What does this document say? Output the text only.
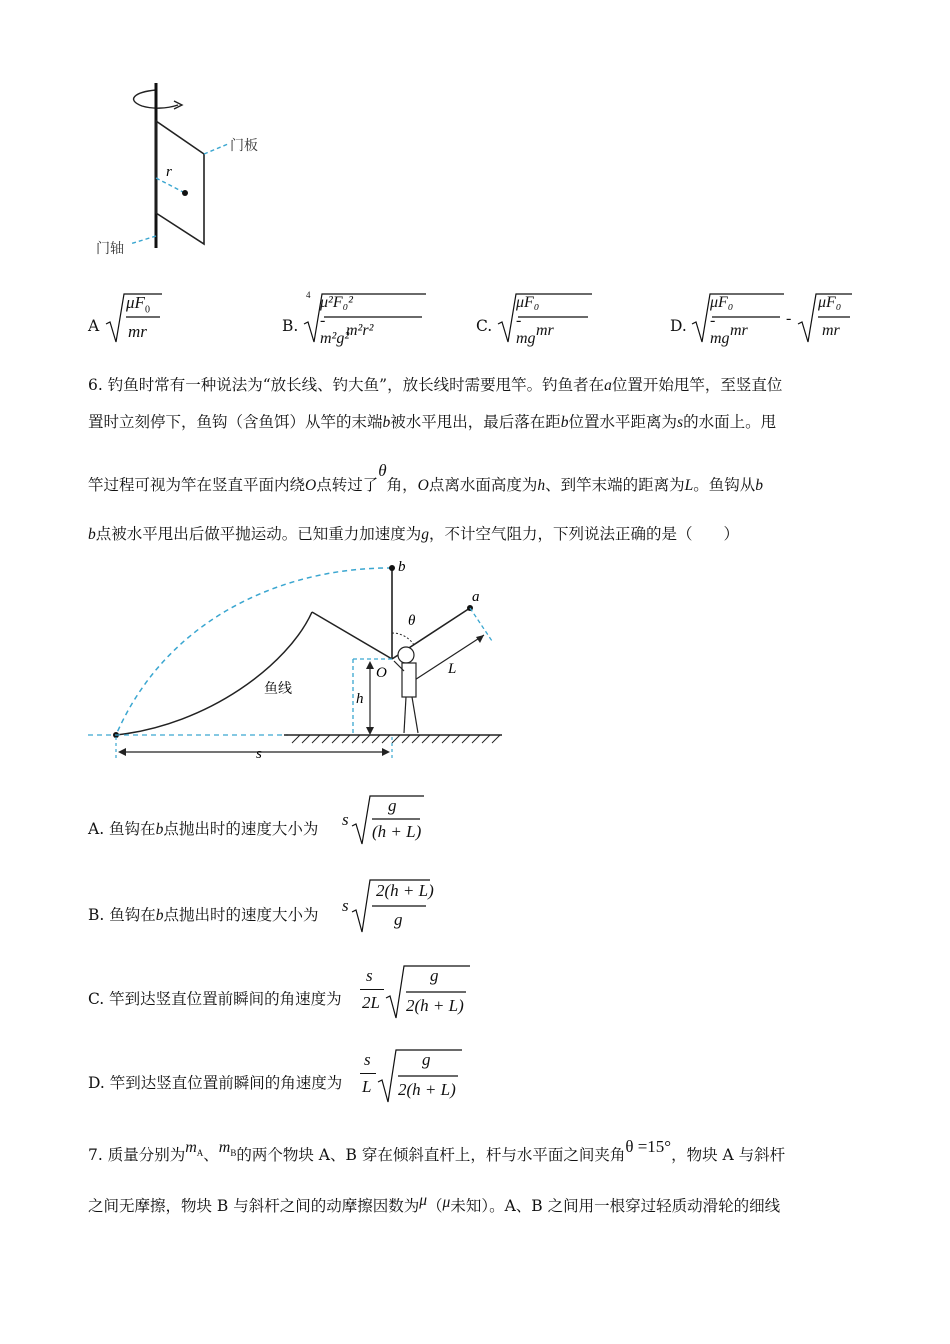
r
门板
门轴
A
$\mu F_0$
mr	B.
4 μ²F₀² - m²g²
m²r²	C.
μF₀ - mg mr	D.
μF₀ - mg mr
-
μF₀
mr
6. 钓鱼时常有一种说法为“放长线、钓大鱼”，放长线时需要甩竿。钓鱼者在a位置开始甩竿，至竖直位
置时立刻停下，鱼钩（含鱼饵）从竿的末端b被水平甩出，最后落在距b位置水平距离为s的水面上。甩
竿过程可视为竿在竖直平面内绕O点转过了θ角，O点离水面高度为h、到竿末端的距离为L。鱼钩从b
b点被水平甩出后做平抛运动。已知重力加速度为g，不计空气阻力，下列说法正确的是（　　）
b
a
θ
O	L
h
s
鱼线
A. 鱼钩在b点抛出时的速度大小为 s
g
(h + L)
B. 鱼钩在b点抛出时的速度大小为 s
2(h + L)
g
C. 竿到达竖直位置前瞬间的角速度为
s
2L
g
2(h + L)
D. 竿到达竖直位置前瞬间的角速度为
s
L
g
2(h + L)
7. 质量分别为$m_A$、$m_B$的两个物块 A、B 穿在倾斜直杆上，杆与水平面之间夹角θ =15°，物块 A 与斜杆
之间无摩擦，物块 B 与斜杆之间的动摩擦因数为μ（μ未知）。A、B 之间用一根穿过轻质动滑轮的细线
